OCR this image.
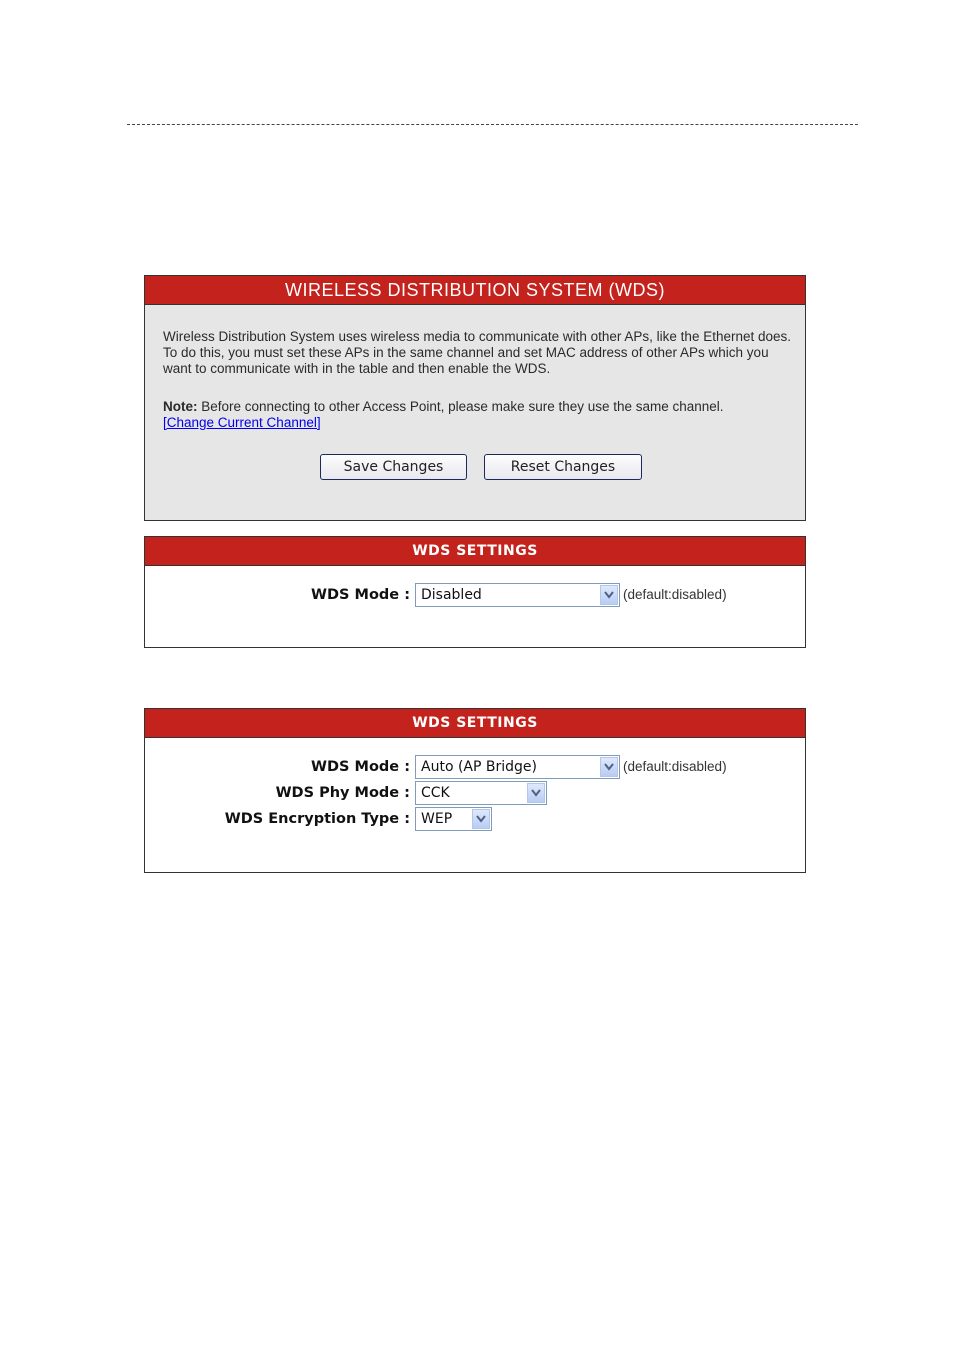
WIRELESS DISTRIBUTION SYSTEM (WDS)
Wireless Distribution System uses wireless media to communicate with other APs, like the Ethernet does. To do this, you must set these APs in the same channel and set MAC address of other APs which you want to communicate with in the table and then enable the WDS.
Note: Before connecting to other Access Point, please make sure they use the same channel.
[Change Current Channel]
Save Changes	Reset Changes
WDS SETTINGS
WDS Mode : Disabled	(default:disabled)
WDS SETTINGS
WDS Mode : Auto (AP Bridge)	(default:disabled)
WDS Phy Mode : CCK
WDS Encryption Type : WEP
